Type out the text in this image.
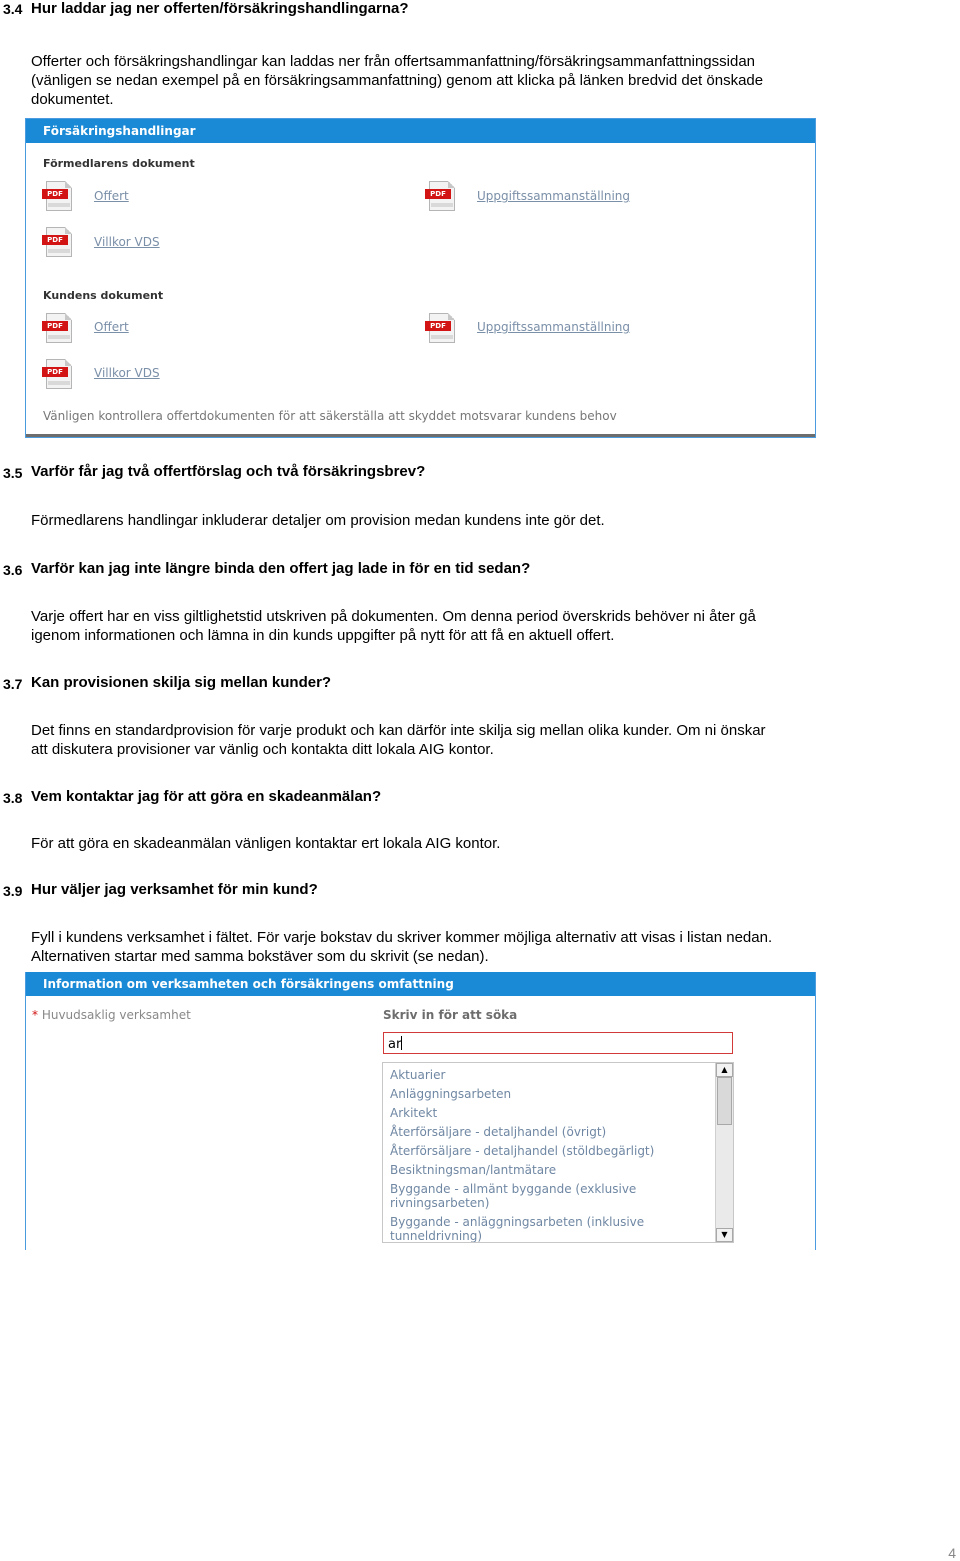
3.4 Hur laddar jag ner offerten/försäkringshandlingarna?
Offerter och försäkringshandlingar kan laddas ner från offertsammanfattning/försäkringsammanfattningssidan
(vänligen se nedan exempel på en försäkringsammanfattning) genom att klicka på länken bredvid det önskade
dokumentet.
Försäkringshandlingar
Förmedlarens dokument
PDF	Offert	PDF	Uppgiftssammanställning
PDF	Villkor VDS
Kundens dokument
PDF	Offert	PDF	Uppgiftssammanställning
PDF	Villkor VDS
Vänligen kontrollera offertdokumenten för att säkerställa att skyddet motsvarar kundens behov
3.5 Varför får jag två offertförslag och två försäkringsbrev?
Förmedlarens handlingar inkluderar detaljer om provision medan kundens inte gör det.
3.6 Varför kan jag inte längre binda den offert jag lade in för en tid sedan?
Varje offert har en viss giltlighetstid utskriven på dokumenten. Om denna period överskrids behöver ni åter gå
igenom informationen och lämna in din kunds uppgifter på nytt för att få en aktuell offert.
3.7 Kan provisionen skilja sig mellan kunder?
Det finns en standardprovision för varje produkt och kan därför inte skilja sig mellan olika kunder. Om ni önskar
att diskutera provisioner var vänlig och kontakta ditt lokala AIG kontor.
3.8 Vem kontaktar jag för att göra en skadeanmälan?
För att göra en skadeanmälan vänligen kontaktar ert lokala AIG kontor.
3.9 Hur väljer jag verksamhet för min kund?
Fyll i kundens verksamhet i fältet. För varje bokstav du skriver kommer möjliga alternativ att visas i listan nedan.
Alternativen startar med samma bokstäver som du skrivit (se nedan).
Information om verksamheten och försäkringens omfattning
* Huvudsaklig verksamhet	Skriv in för att söka
ar
Aktuarier
Anläggningsarbeten
Arkitekt
Återförsäljare - detaljhandel (övrigt)
Återförsäljare - detaljhandel (stöldbegärligt)
Besiktningsman/lantmätare
Byggande - allmänt byggande (exklusive rivningsarbeten)
Byggande - anläggningsarbeten (inklusive tunneldrivning)
▲
▼
4
